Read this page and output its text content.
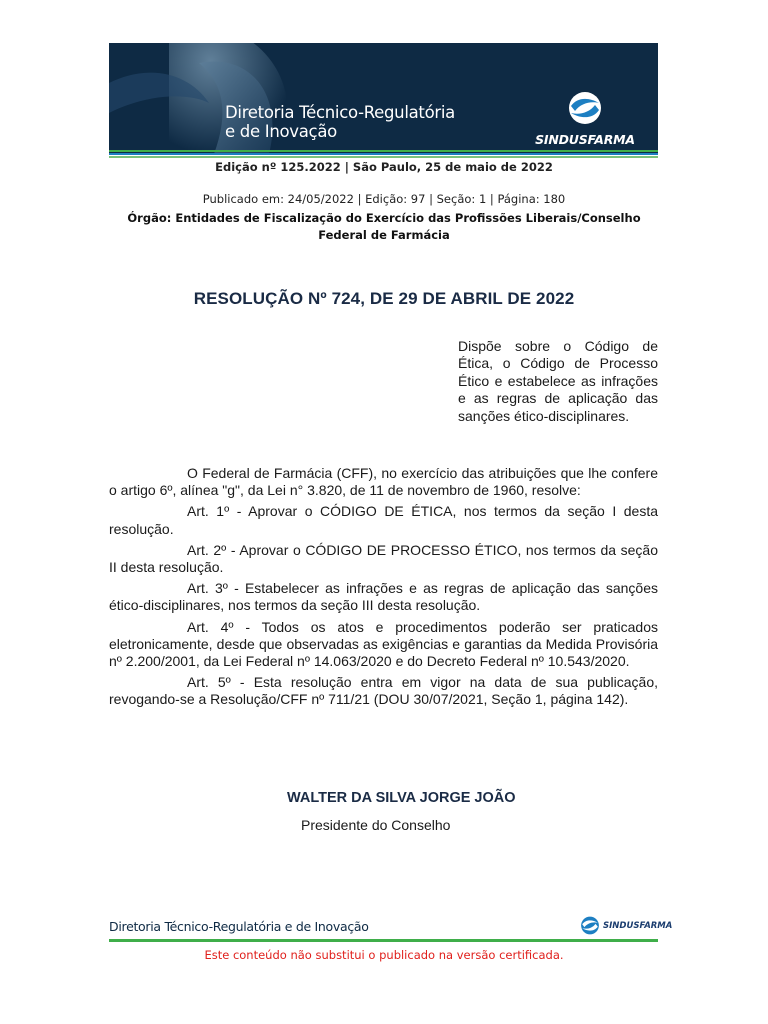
Diretoria Técnico-Regulatória
e de Inovação	SINDUSFARMA
Edição nº 125.2022 | São Paulo, 25 de maio de 2022
Publicado em: 24/05/2022 | Edição: 97 | Seção: 1 | Página: 180
Órgão: Entidades de Fiscalização do Exercício das Profissões Liberais/Conselho Federal de Farmácia
RESOLUÇÃO Nº 724, DE 29 DE ABRIL DE 2022
Dispõe sobre o Código de Ética, o Código de Processo Ético e estabelece as infrações e as regras de aplicação das sanções ético-disciplinares.

O Federal de Farmácia (CFF), no exercício das atribuições que lhe confere o artigo 6º, alínea "g", da Lei n° 3.820, de 11 de novembro de 1960, resolve:

Art. 1º - Aprovar o CÓDIGO DE ÉTICA, nos termos da seção I desta resolução.

Art. 2º - Aprovar o CÓDIGO DE PROCESSO ÉTICO, nos termos da seção II desta resolução.

Art. 3º - Estabelecer as infrações e as regras de aplicação das sanções ético-disciplinares, nos termos da seção III desta resolução.

Art. 4º - Todos os atos e procedimentos poderão ser praticados eletronicamente, desde que observadas as exigências e garantias da Medida Provisória nº 2.200/2001, da Lei Federal nº 14.063/2020 e do Decreto Federal nº 10.543/2020.

Art. 5º - Esta resolução entra em vigor na data de sua publicação, revogando-se a Resolução/CFF nº 711/21 (DOU 30/07/2021, Seção 1, página 142).

WALTER DA SILVA JORGE JOÃO
Presidente do Conselho
Diretoria Técnico-Regulatória e de Inovação	SINDUSFARMA
Este conteúdo não substitui o publicado na versão certificada.
